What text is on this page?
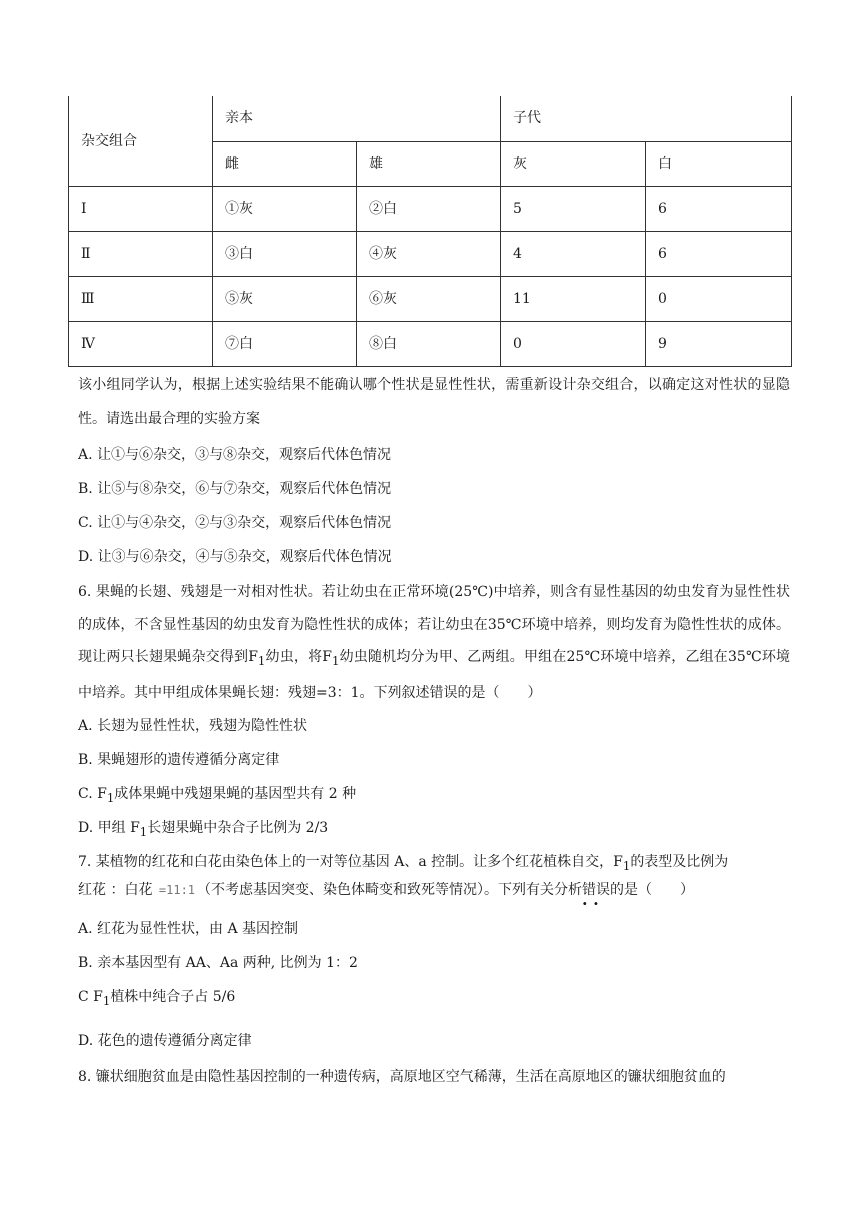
杂交组合	亲本		子代	
	雌	雄	灰	白
Ⅰ	①灰	②白	5	6
Ⅱ	③白	④灰	4	6
Ⅲ	⑤灰	⑥灰	11	0
Ⅳ	⑦白	⑧白	0	9
该小组同学认为，根据上述实验结果不能确认哪个性状是显性性状，需重新设计杂交组合，以确定这对性状的显隐性。请选出最合理的实验方案
A. 让①与⑥杂交，③与⑧杂交，观察后代体色情况
B. 让⑤与⑧杂交，⑥与⑦杂交，观察后代体色情况
C. 让①与④杂交，②与③杂交，观察后代体色情况
D. 让③与⑥杂交，④与⑤杂交，观察后代体色情况
6. 果蝇的长翅、残翅是一对相对性状。若让幼虫在正常环境(25℃)中培养，则含有显性基因的幼虫发育为显性性状的成体，不含显性基因的幼虫发育为隐性性状的成体；若让幼虫在35℃环境中培养，则均发育为隐性性状的成体。现让两只长翅果蝇杂交得到$F_1$幼虫，将$F_1$幼虫随机均分为甲、乙两组。甲组在25℃环境中培养，乙组在35℃环境中培养。其中甲组成体果蝇长翅：残翅=3：1。下列叙述错误的是（　　）
A. 长翅为显性性状，残翅为隐性性状
B. 果蝇翅形的遗传遵循分离定律
C. $F_1$成体果蝇中残翅果蝇的基因型共有 2 种
D. 甲组 $F_1$长翅果蝇中杂合子比例为 2/3
7. 某植物的红花和白花由染色体上的一对等位基因 A、a 控制。让多个红花植株自交，$F_1$的表型及比例为
红花 ：白花 =11:1 （不考虑基因突变、染色体畸变和致死等情况）。下列有关分析错误 · ·的是（　　）
A. 红花为显性性状，由 A 基因控制
B. 亲本基因型有 AA、Aa 两种, 比例为 1：2
C $F_1$植株中纯合子占 5/6
D. 花色的遗传遵循分离定律
8. 镰状细胞贫血是由隐性基因控制的一种遗传病，高原地区空气稀薄，生活在高原地区的镰状细胞贫血的
